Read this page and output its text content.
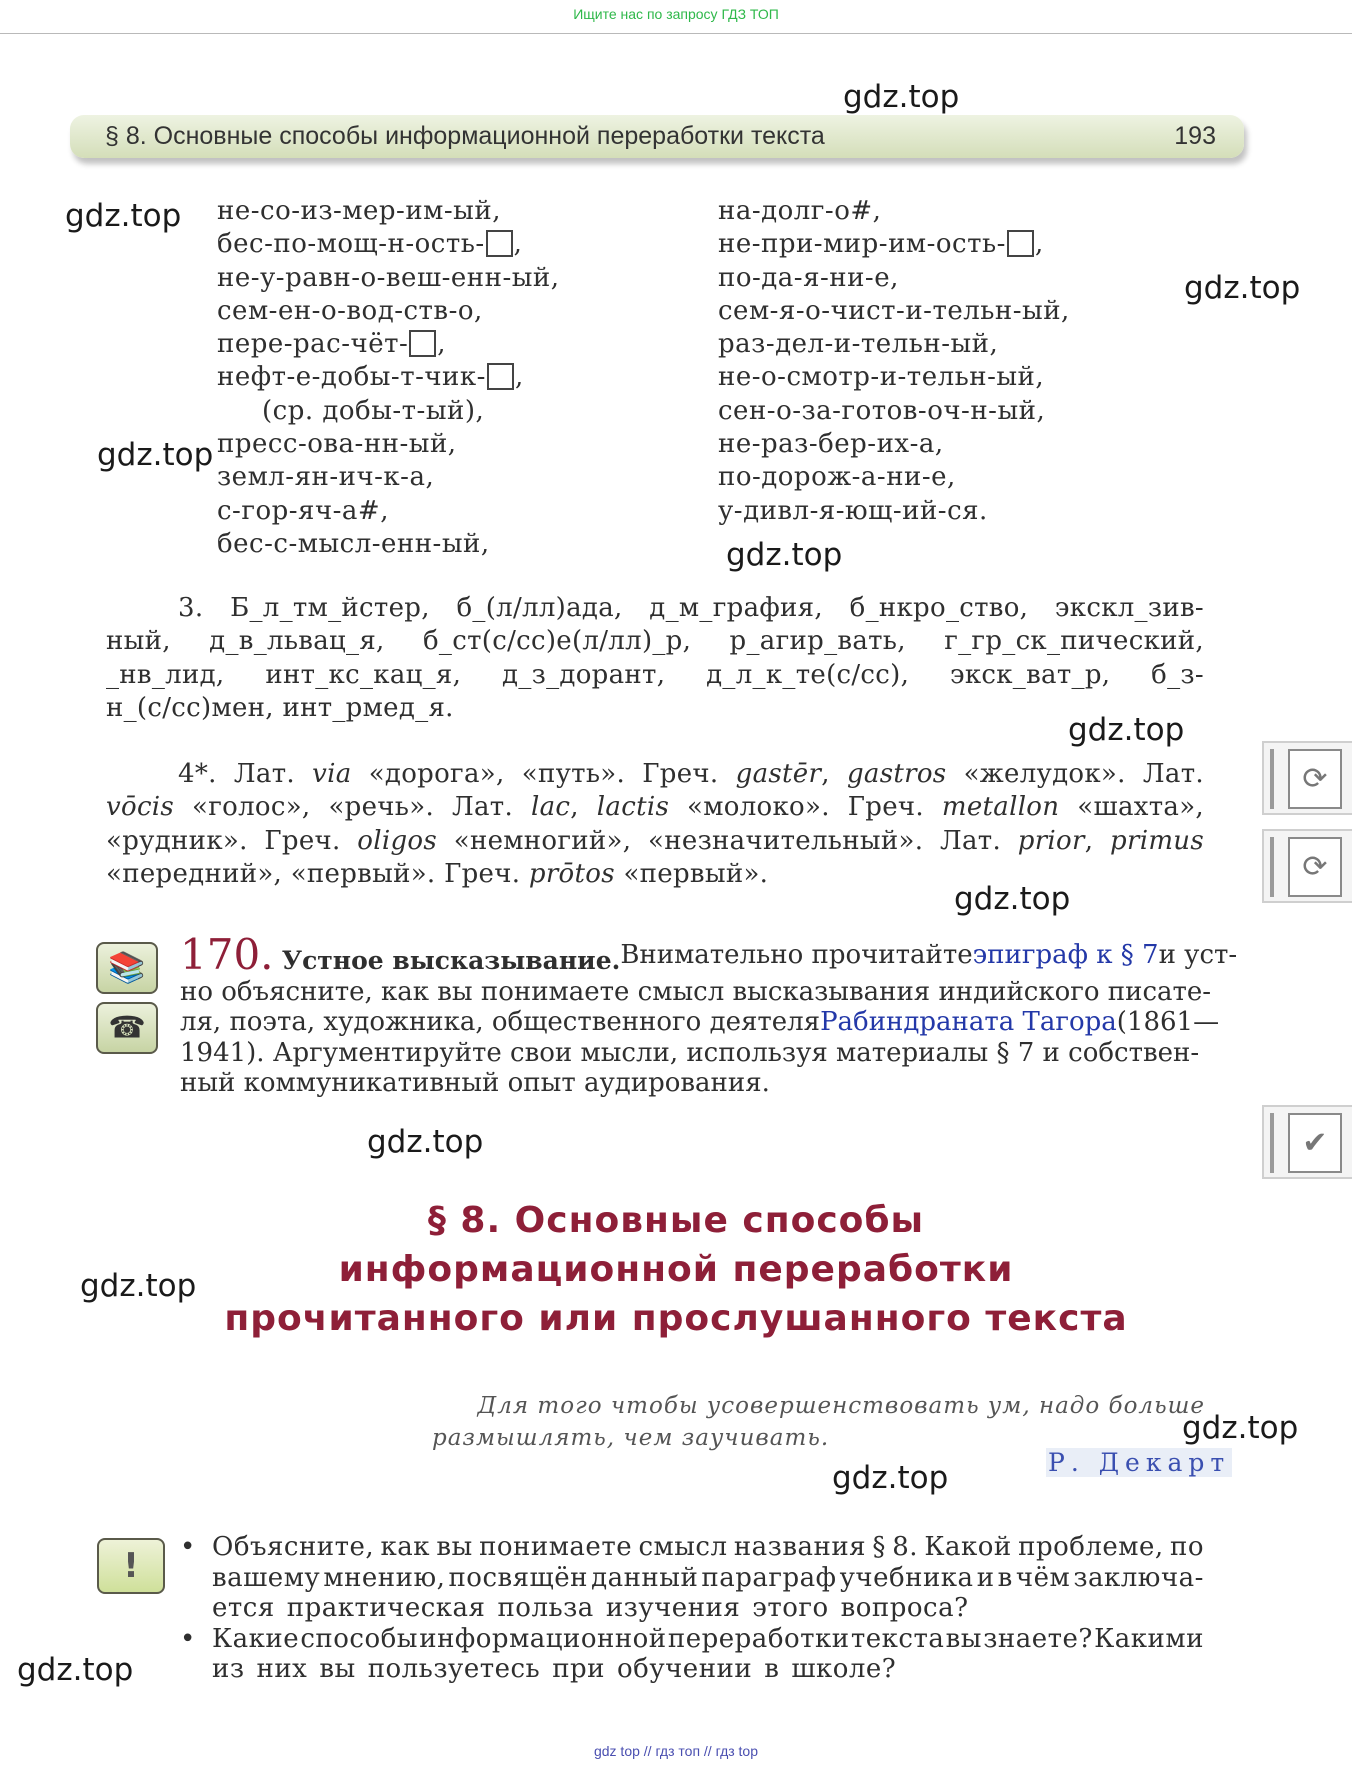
Ищите нас по запросу ГДЗ ТОП
gdz.top
gdz.top
gdz.top
gdz.top
gdz.top
gdz.top
gdz.top
gdz.top
gdz.top
gdz.top
gdz.top
gdz.top
§ 8. Основные способы информационной переработки текста	193
не-со-из-мер-им-ый,
бес-по-мощ-н-ость- ,
не-у-равн-о-веш-енн-ый,
сем-ен-о-вод-ств-о,
пере-рас-чёт- ,
нефт-е-добы-т-чик- ,
(ср. добы-т-ый),
пресс-ова-нн-ый,
земл-ян-ич-к-а,
с-гор-яч-а#,
бес-с-мысл-енн-ый,
на-долг-о#,
не-при-мир-им-ость- ,
по-да-я-ни-е,
сем-я-о-чист-и-тельн-ый,
раз-дел-и-тельн-ый,
не-о-смотр-и-тельн-ый,
сен-о-за-готов-оч-н-ый,
не-раз-бер-их-а,
по-дорож-а-ни-е,
у-дивл-я-ющ-ий-ся.
3. Б_л_тм_йстер, б_(л/лл)ада, д_м_графия, б_нкро_ство, экскл_зив-
ный, д_в_львац_я, б_ст(с/сс)е(л/лл)_р, р_агир_вать, г_гр_ск_пический,
_нв_лид, инт_кс_кац_я, д_з_дорант, д_л_к_те(с/сс), экск_ват_р, б_з-
н_(с/сс)мен, инт_рмед_я.
4*. Лат. via «дорога», «путь». Греч. gastēr, gastros «желудок». Лат.
vōcis «голос», «речь». Лат. lac, lactis «молоко». Греч. metallon «шахта»,
«рудник». Греч. oligos «немногий», «незначительный». Лат. prior, primus
«передний», «первый». Греч. prōtos «первый».
📚
☎
170. Устное высказывание. Внимательно прочитайте эпиграф к § 7 и уст-
но объясните, как вы понимаете смысл высказывания индийского писате-
ля, поэта, художника, общественного деятеля Рабиндраната Тагора (1861—
1941). Аргументируйте свои мысли, используя материалы § 7 и собствен-
ный коммуникативный опыт аудирования.
§ 8. Основные способы
информационной переработки
прочитанного или прослушанного текста
Для того чтобы усовершенствовать ум, надо больше
размышлять, чем заучивать.
Р. Декарт
! • Объясните, как вы понимаете смысл названия § 8. Какой проблеме, по
вашему мнению, посвящён данный параграф учебника и в чём заключа-
ется практическая польза изучения этого вопроса?
• Какие способы информационной переработки текста вы знаете? Какими
из них вы пользуетесь при обучении в школе?
⟳
⟳
✔
gdz top // гдз топ // гдз top
